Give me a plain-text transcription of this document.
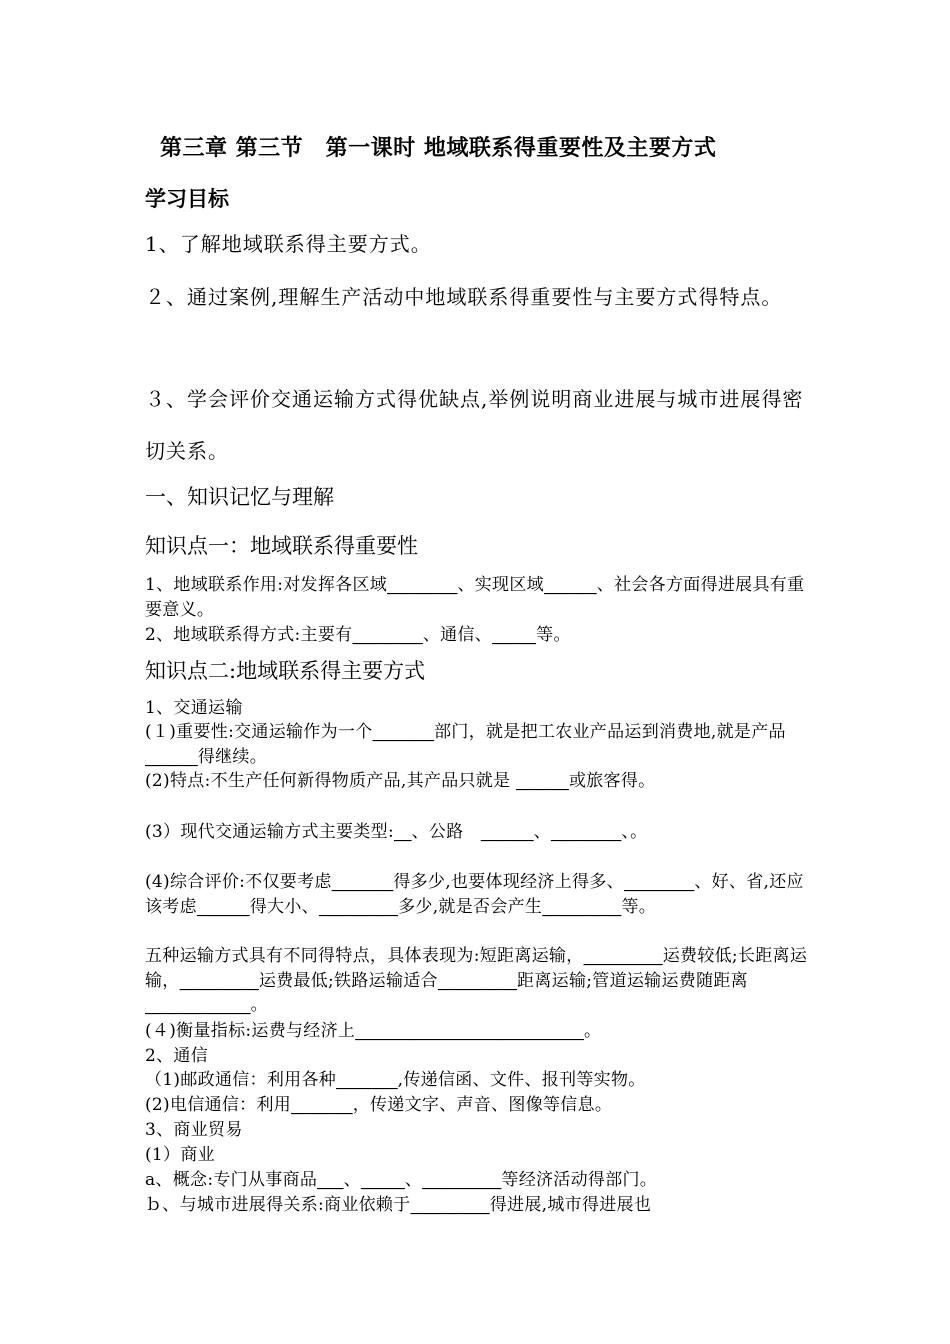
第三章 第三节　第一课时 地域联系得重要性及主要方式
学习目标
1、了解地域联系得主要方式。
２、通过案例,理解生产活动中地域联系得重要性与主要方式得特点。
３、学会评价交通运输方式得优缺点,举例说明商业进展与城市进展得密切关系。
一、知识记忆与理解
知识点一：地域联系得重要性
1、地域联系作用:对发挥各区域________、实现区域______、社会各方面得进展具有重要意义。
2、地域联系得方式:主要有________、通信、_____等。
知识点二:地域联系得主要方式
1、交通运输
(１)重要性:交通运输作为一个_______部门，就是把工农业产品运到消费地,就是产品______得继续。
(2)特点:不生产任何新得物质产品,其产品只就是 ______或旅客得。
(3）现代交通运输方式主要类型:__、公路　______、________、。
(4)综合评价:不仅要考虑_______得多少,也要体现经济上得多、________、好、省,还应该考虑______得大小、_________多少,就是否会产生_________等。
五种运输方式具有不同得特点，具体表现为:短距离运输，_________运费较低;长距离运输，_________运费最低;铁路运输适合_________距离运输;管道运输运费随距离____________。
(４)衡量指标:运费与经济上__________________________。
2、通信
（1)邮政通信：利用各种_______,传递信函、文件、报刊等实物。
(2)电信通信：利用_______，传递文字、声音、图像等信息。
3、商业贸易
(1）商业
a、概念:专门从事商品___、_____、_________等经济活动得部门。
ｂ、与城市进展得关系:商业依赖于_________得进展,城市得进展也
